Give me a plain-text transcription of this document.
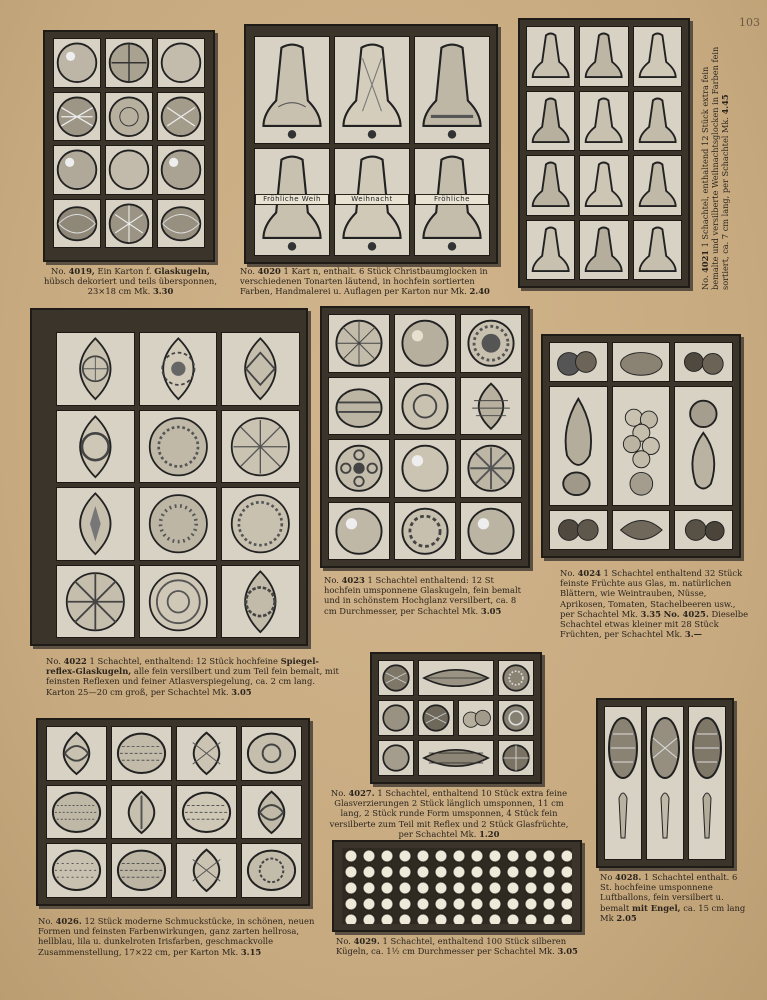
103
No. 4019, Ein Karton f. Glaskugeln, hübsch dekoriert und teils übersponnen, 23×18 cm Mk. 3.30
Fröhliche Weih	Weihnacht	Fröhliche
No. 4020 1 Kart n, enthalt. 6 Stück Christbaumglocken in verschiedenen Tonarten läutend, in hochfein sortierten Farben, Handmalerei u. Auflagen per Karton nur Mk. 2.40
No. 4021 1 Schachtel, enthaltend 12 Stück extra fein bemalte und versilberte Weihnachtsglocken in Farben fein sortiert, ca. 7 cm lang, per Schachtel Mk. 4.45
No. 4022 1 Schachtel, enthaltend: 12 Stück hochfeine Spiegel-reflex-Glaskugeln, alle fein versilbert und zum Teil fein bemalt, mit feinsten Reflexen und feiner Atlasverspiegelung, ca. 2 cm lang. Karton 25—20 cm groß, per Schachtel Mk. 3.05
No. 4023 1 Schachtel enthaltend: 12 St hochfein umsponnene Glaskugeln, fein bemalt und in schönstem Hochglanz versilbert, ca. 8 cm Durchmesser, per Schachtel Mk. 3.05
No. 4024 1 Schachtel enthaltend 32 Stück feinste Früchte aus Glas, m. natürlichen Blättern, wie Weintrauben, Nüsse, Aprikosen, Tomaten, Stachelbeeren usw., per Schachtel Mk. 3.35 No. 4025. Dieselbe Schachtel etwas kleiner mit 28 Stück Früchten, per Schachtel Mk. 3.—
No. 4027. 1 Schachtel, enthaltend 10 Stück extra feine Glasverzierungen 2 Stück länglich umsponnen, 11 cm lang, 2 Stück runde Form umsponnen, 4 Stück fein versilberte zum Teil mit Reflex und 2 Stück Glasfrüchte, per Schachtel Mk. 1.20
No 4028. 1 Schachtel enthalt. 6 St. hochfeine umsponnene Luftballons, fein versilbert u. bemalt mit Engel, ca. 15 cm lang Mk 2.05
No. 4026. 12 Stück moderne Schmuckstücke, in schönen, neuen Formen und feinsten Farbenwirkungen, ganz zarten hellrosa, hellblau, lila u. dunkelroten Irisfarben, geschmackvolle Zusammenstellung, 17×22 cm, per Karton Mk. 3.15
No. 4029. 1 Schachtel, enthaltend 100 Stück silberen Kügeln, ca. 1½ cm Durchmesser per Schachtel Mk. 3.05
